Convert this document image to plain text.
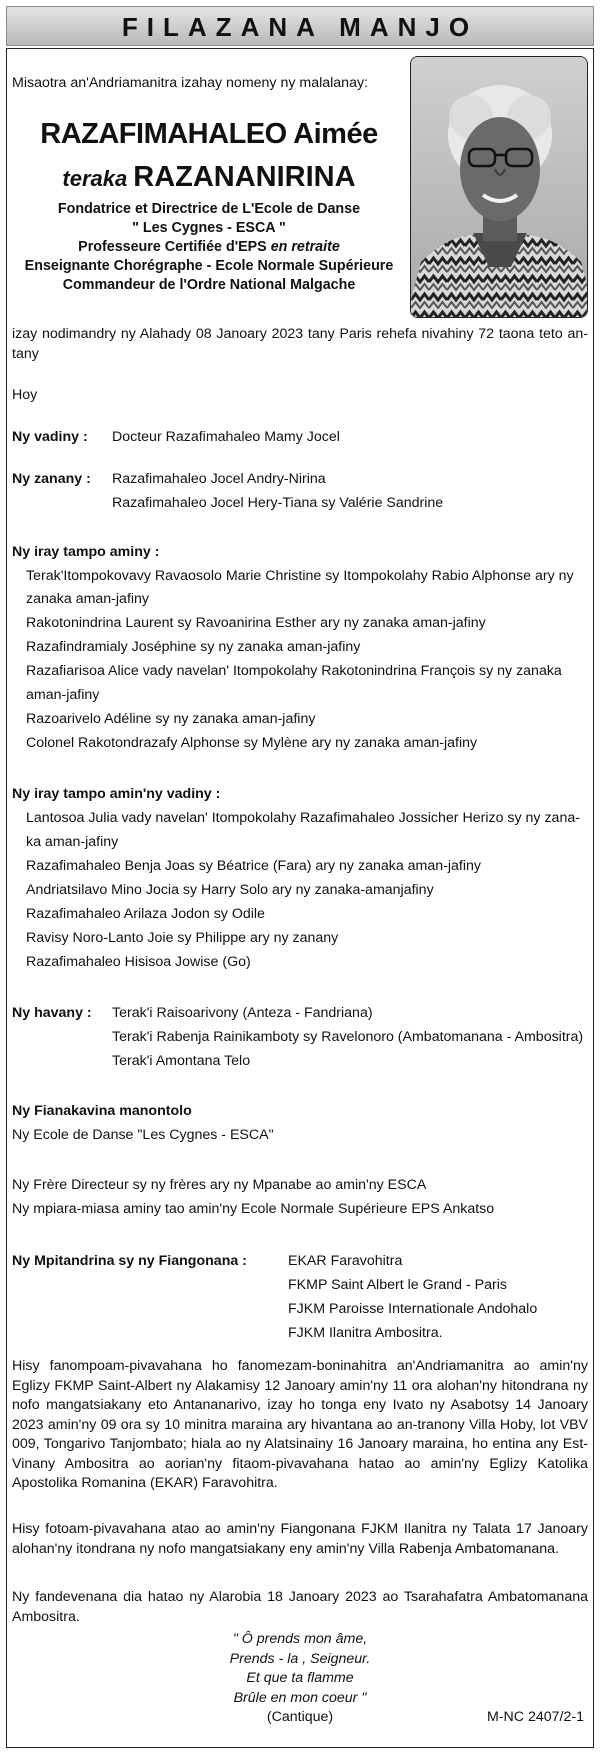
FILAZANA MANJO
Misaotra an'Andriamanitra izahay nomeny ny malalanay:
RAZAFIMAHALEO Aimée
teraka RAZANANIRINA
Fondatrice et Directrice de L'Ecole de Danse
" Les Cygnes - ESCA "
Professeure Certifiée d'EPS en retraite
Enseignante Chorégraphe - Ecole Normale Supérieure
Commandeur de l'Ordre National Malgache
izay nodimandry ny Alahady 08 Janoary 2023 tany Paris rehefa nivahiny 72 taona teto an-tany
Hoy
Ny vadiny : Docteur Razafimahaleo Mamy Jocel
Ny zanany : Razafimahaleo Jocel Andry-Nirina
Razafimahaleo Jocel Hery-Tiana sy Valérie Sandrine
Ny iray tampo aminy :
Terak'Itompokovavy Ravaosolo Marie Christine sy Itompokolahy Rabio Alphonse ary ny
zanaka aman-jafiny
Rakotonindrina Laurent sy Ravoanirina Esther ary ny zanaka aman-jafiny
Razafindramialy Joséphine sy ny zanaka aman-jafiny
Razafiarisoa Alice vady navelan' Itompokolahy Rakotonindrina François sy ny zanaka
aman-jafiny
Razoarivelo Adéline sy ny zanaka aman-jafiny
Colonel Rakotondrazafy Alphonse sy Mylène ary ny zanaka aman-jafiny
Ny iray tampo amin'ny vadiny :
Lantosoa Julia vady navelan' Itompokolahy Razafimahaleo Jossicher Herizo sy ny zana-
ka aman-jafiny
Razafimahaleo Benja Joas sy Béatrice (Fara) ary ny zanaka aman-jafiny
Andriatsilavo Mino Jocia sy Harry Solo ary ny zanaka-amanjafiny
Razafimahaleo Arilaza Jodon sy Odile
Ravisy Noro-Lanto Joie sy Philippe ary ny zanany
Razafimahaleo Hisisoa Jowise (Go)
Ny havany : Terak'i Raisoarivony (Anteza - Fandriana)
Terak'i Rabenja Rainikamboty sy Ravelonoro (Ambatomanana - Ambositra)
Terak'i Amontana Telo
Ny Fianakavina manontolo
Ny Ecole de Danse "Les Cygnes - ESCA"
Ny Frère Directeur sy ny frères ary ny Mpanabe ao amin'ny ESCA
Ny mpiara-miasa aminy tao amin'ny Ecole Normale Supérieure EPS Ankatso
Ny Mpitandrina sy ny Fiangonana :	EKAR Faravohitra
FKMP Saint Albert le Grand - Paris
FJKM Paroisse Internationale Andohalo
FJKM Ilanitra Ambositra.
Hisy fanompoam-pivavahana ho fanomezam-boninahitra an'Andriamanitra ao amin'ny Eglizy FKMP Saint-Albert ny Alakamisy 12 Janoary amin'ny 11 ora alohan'ny hitondrana ny nofo mangatsiakany eto Antananarivo, izay ho tonga eny Ivato ny Asabotsy 14 Janoary 2023 amin'ny 09 ora sy 10 minitra maraina ary hivantana ao an-tranony Villa Hoby, lot VBV 009, Tongarivo Tanjombato; hiala ao ny Alatsinainy 16 Janoary maraina, ho entina any Est-Vinany Ambositra ao aorian'ny fitaom-pivavahana hatao ao amin'ny Eglizy Katolika Apostolika Romanina (EKAR) Faravohitra.
Hisy fotoam-pivavahana atao ao amin'ny Fiangonana FJKM Ilanitra ny Talata 17 Janoary alohan'ny itondrana ny nofo mangatsiakany eny amin'ny Villa Rabenja Ambatomanana.
Ny fandevenana dia hatao ny Alarobia 18 Janoary 2023 ao Tsarahafatra Ambatomanana Ambositra.
" Ô prends mon âme,
Prends - la , Seigneur.
Et que ta flamme
Brûle en mon coeur "
(Cantique)	M-NC 2407/2-1
